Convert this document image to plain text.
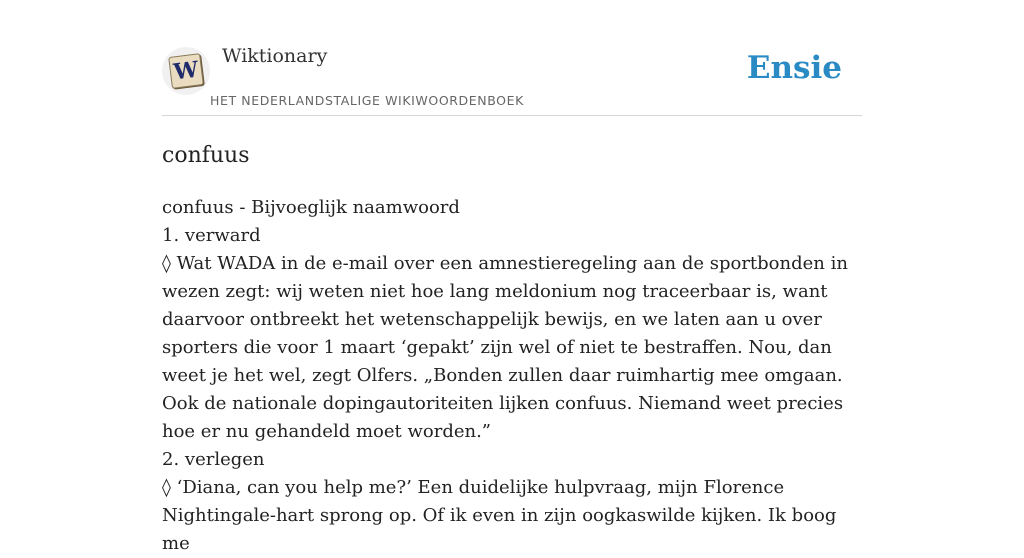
W
Wiktionary
HET NEDERLANDSTALIGE WIKIWOORDENBOEK
Ensie
confuus
confuus - Bijvoeglijk naamwoord
1. verward
◊ Wat WADA in de e-mail over een amnestieregeling aan de sportbonden in wezen zegt: wij weten niet hoe lang meldonium nog traceerbaar is, want daarvoor ontbreekt het wetenschappelijk bewijs, en we laten aan u over sporters die voor 1 maart ‘gepakt’ zijn wel of niet te bestraffen. Nou, dan weet je het wel, zegt Olfers. „Bonden zullen daar ruimhartig mee omgaan. Ook de nationale dopingautoriteiten lijken confuus. Niemand weet precies hoe er nu gehandeld moet worden.”
2. verlegen
◊ ‘Diana, can you help me?’ Een duidelijke hulpvraag, mijn Florence Nightingale-hart sprong op. Of ik even in zijn oogkaswilde kijken. Ik boog me
